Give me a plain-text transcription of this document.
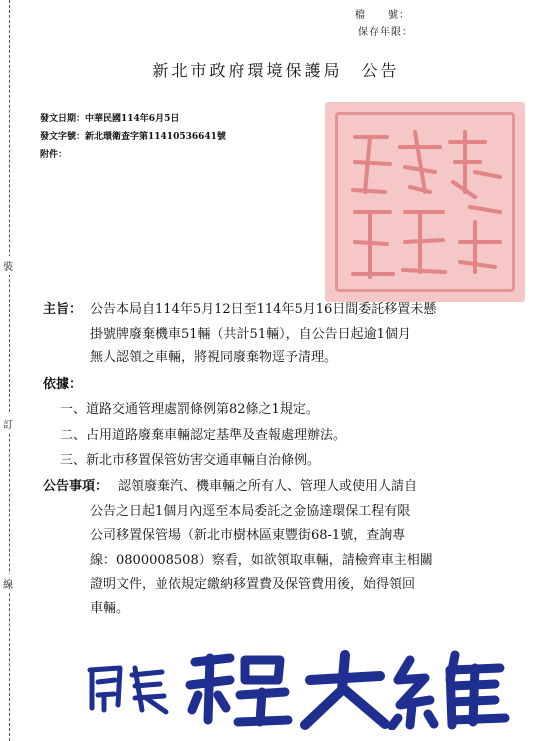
檔　　號：
保存年限：
新北市政府環境保護局　公告
發文日期：中華民國114年6月5日
發文字號：新北環衛查字第11410536641號
附件：
裝
訂
線
主旨： 公告本局自114年5月12日至114年5月16日間委託移置未懸
掛號牌廢棄機車51輛（共計51輛），自公告日起逾1個月
無人認領之車輛，將視同廢棄物逕予清理。
依據：
一、道路交通管理處罰條例第82條之1規定。
二、占用道路廢棄車輛認定基準及查報處理辦法。
三、新北市移置保管妨害交通車輛自治條例。
公告事項： 認領廢棄汽、機車輛之所有人、管理人或使用人請自
公告之日起1個月內逕至本局委託之金協達環保工程有限
公司移置保管場（新北市樹林區東豐街68-1號，查詢專
線：0800008508）察看，如欲領取車輛，請檢齊車主相關
證明文件，並依規定繳納移置費及保管費用後，始得領回
車輛。
